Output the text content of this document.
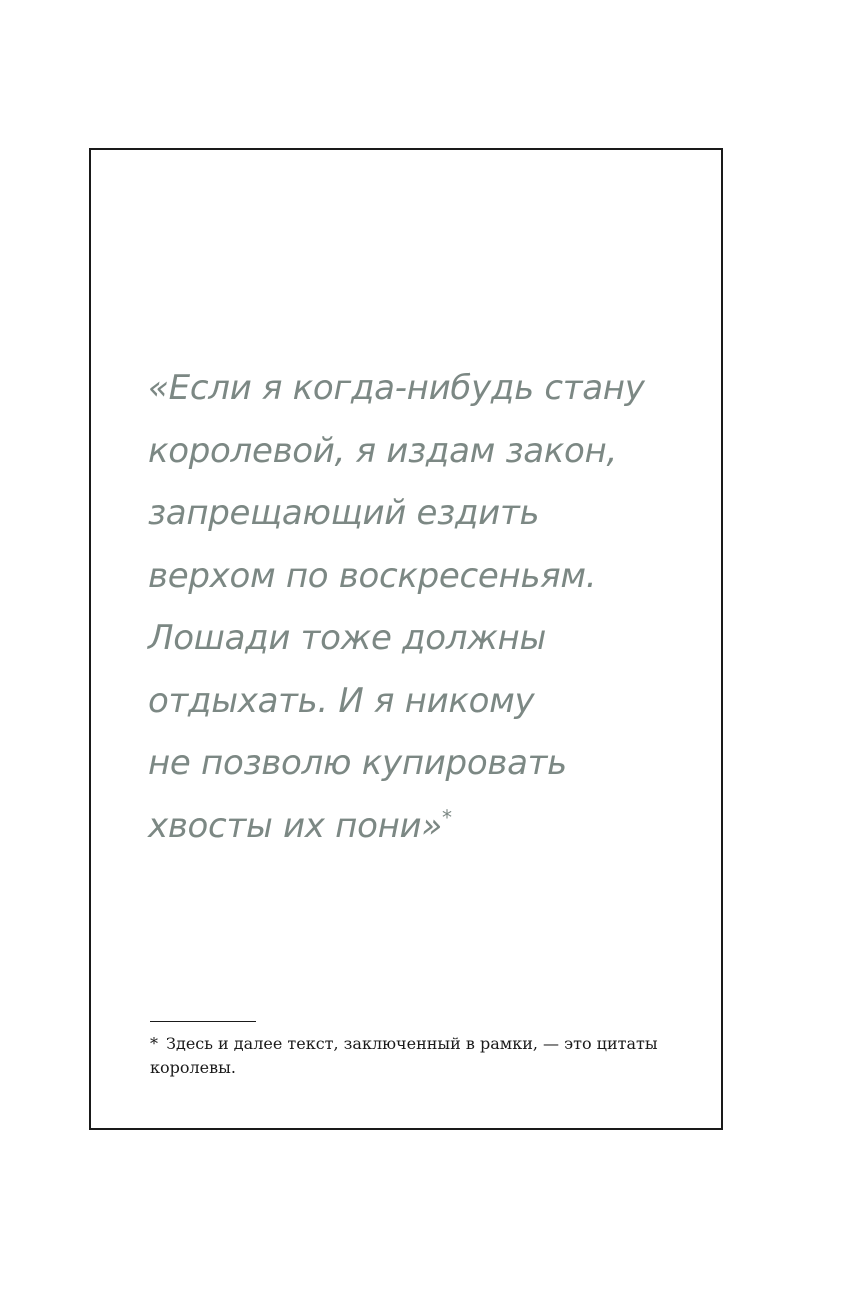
«Если я когда-нибудь стану
королевой, я издам закон,
запрещающий ездить
верхом по воскресеньям.
Лошади тоже должны
отдыхать. И я никому
не позволю купировать
хвосты их пони»*

* Здесь и далее текст, заключенный в рамки, — это цитаты
королевы.
